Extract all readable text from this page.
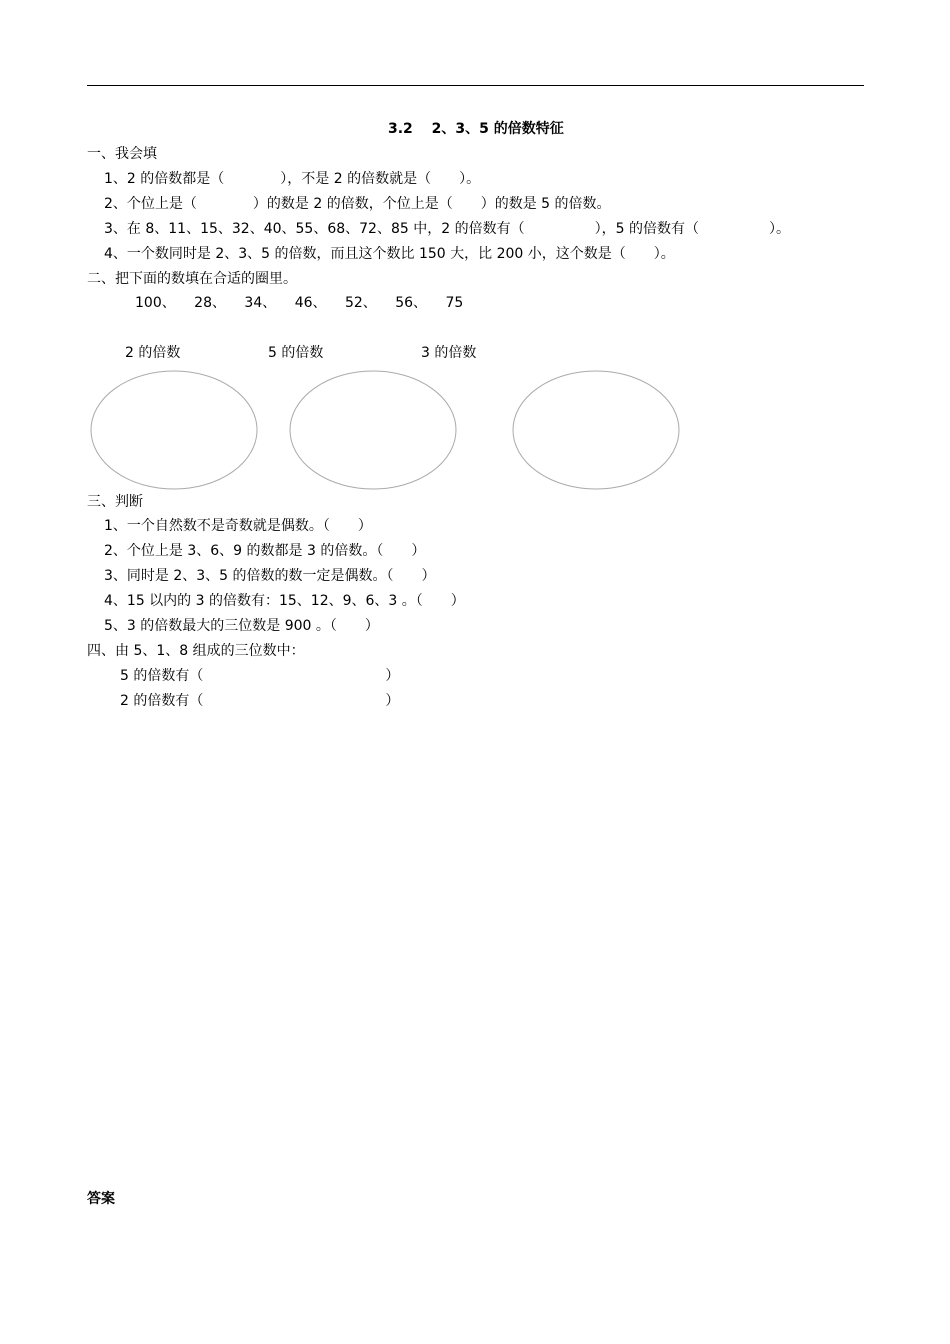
3.2  2、3、5 的倍数特征
一、我会填
1、2 的倍数都是（　　　　），不是 2 的倍数就是（　　）。
2、个位上是（　　　　）的数是 2 的倍数，个位上是（　　）的数是 5 的倍数。
3、在 8、11、15、32、40、55、68、72、85 中，2 的倍数有（　　　　　），5 的倍数有（　　　　　）。
4、一个数同时是 2、3、5 的倍数，而且这个数比 150 大，比 200 小，这个数是（　　）。
二、把下面的数填在合适的圈里。
100、  28、  34、  46、  52、  56、  75
2 的倍数	5 的倍数	3 的倍数
三、判断
1、一个自然数不是奇数就是偶数。（　　）
2、个位上是 3、6、9 的数都是 3 的倍数。（　　）
3、同时是 2、3、5 的倍数的数一定是偶数。（　　）
4、15 以内的 3 的倍数有：15、12、9、6、3 。（　　）
5、3 的倍数最大的三位数是 900 。（　　）
四、由 5、1、8 组成的三位数中：
5 的倍数有（　　　　　　　　　　　　　）
2 的倍数有（　　　　　　　　　　　　　）
答案
